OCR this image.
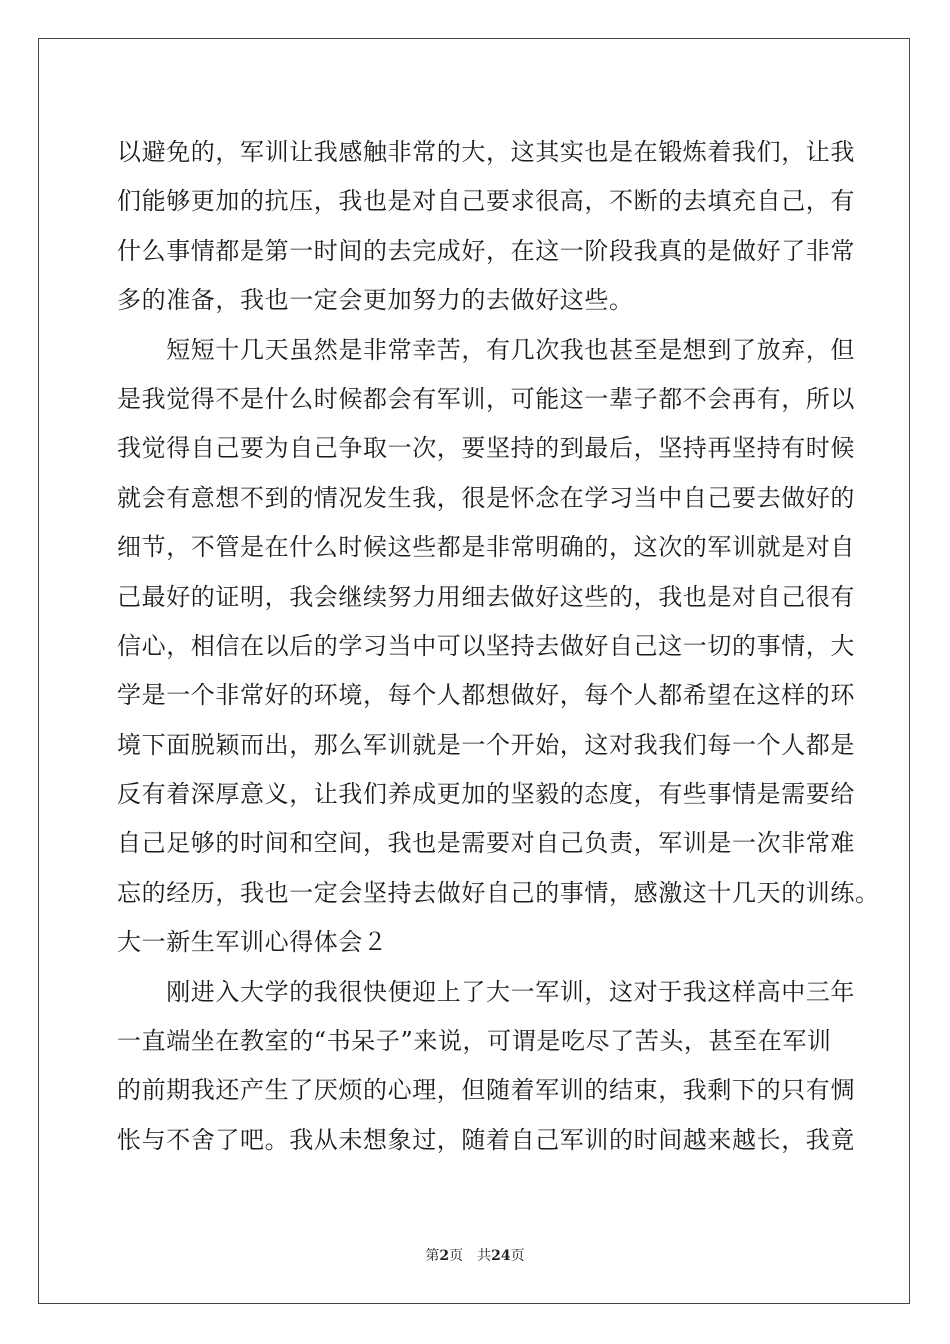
以避免的，军训让我感触非常的大，这其实也是在锻炼着我们，让我
们能够更加的抗压，我也是对自己要求很高，不断的去填充自己，有
什么事情都是第一时间的去完成好，在这一阶段我真的是做好了非常
多的准备，我也一定会更加努力的去做好这些。
　　短短十几天虽然是非常幸苦，有几次我也甚至是想到了放弃，但
是我觉得不是什么时候都会有军训，可能这一辈子都不会再有，所以
我觉得自己要为自己争取一次，要坚持的到最后，坚持再坚持有时候
就会有意想不到的情况发生我，很是怀念在学习当中自己要去做好的
细节，不管是在什么时候这些都是非常明确的，这次的军训就是对自
己最好的证明，我会继续努力用细去做好这些的，我也是对自己很有
信心，相信在以后的学习当中可以坚持去做好自己这一切的事情，大
学是一个非常好的环境，每个人都想做好，每个人都希望在这样的环
境下面脱颖而出，那么军训就是一个开始，这对我我们每一个人都是
反有着深厚意义，让我们养成更加的坚毅的态度，有些事情是需要给
自己足够的时间和空间，我也是需要对自己负责，军训是一次非常难
忘的经历，我也一定会坚持去做好自己的事情，感激这十几天的训练。
大一新生军训心得体会２
　　刚进入大学的我很快便迎上了大一军训，这对于我这样高中三年
一直端坐在教室的“书呆子”来说，可谓是吃尽了苦头，甚至在军训
的前期我还产生了厌烦的心理，但随着军训的结束，我剩下的只有惆
怅与不舍了吧。我从未想象过，随着自己军训的时间越来越长，我竟
第2页 共24页
